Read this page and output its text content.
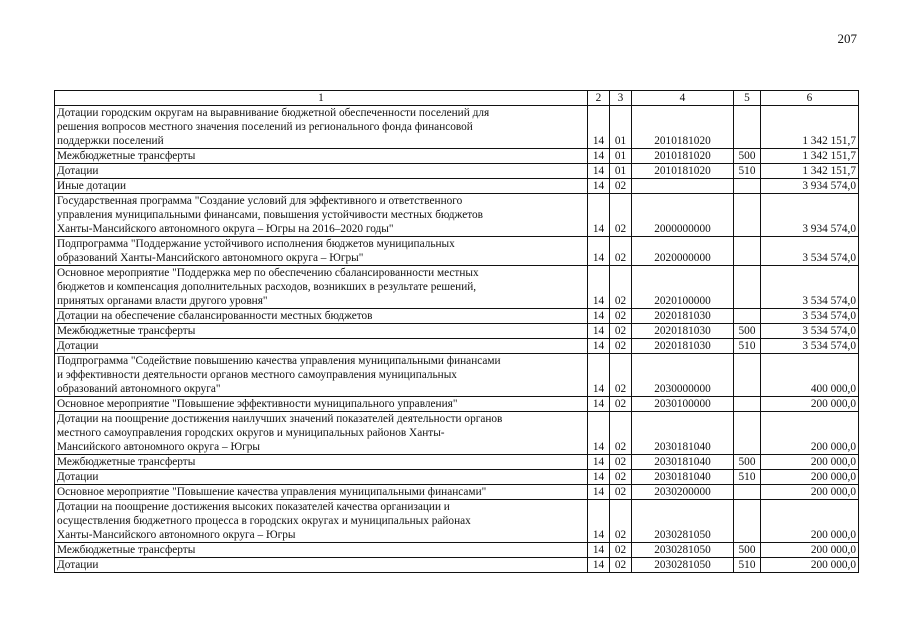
207
1	2	3	4	5	6
Дотации городским округам на выравнивание бюджетной обеспеченности поселений для
решения вопросов местного значения поселений из регионального фонда финансовой
поддержки поселений	14	01	2010181020		1 342 151,7
Межбюджетные трансферты	14	01	2010181020	500	1 342 151,7
Дотации	14	01	2010181020	510	1 342 151,7
Иные дотации	14	02			3 934 574,0
Государственная программа "Создание условий для эффективного и ответственного
управления муниципальными финансами, повышения устойчивости местных бюджетов
Ханты-Мансийского автономного округа – Югры на 2016–2020 годы"	14	02	2000000000		3 934 574,0
Подпрограмма "Поддержание устойчивого исполнения бюджетов муниципальных
образований Ханты-Мансийского автономного округа – Югры"	14	02	2020000000		3 534 574,0
Основное мероприятие "Поддержка мер по обеспечению сбалансированности местных
бюджетов и компенсация дополнительных расходов, возникших в результате решений,
принятых органами власти другого уровня"	14	02	2020100000		3 534 574,0
Дотации на обеспечение сбалансированности местных бюджетов	14	02	2020181030		3 534 574,0
Межбюджетные трансферты	14	02	2020181030	500	3 534 574,0
Дотации	14	02	2020181030	510	3 534 574,0
Подпрограмма "Содействие повышению качества управления муниципальными финансами
и эффективности деятельности органов местного самоуправления муниципальных
образований автономного округа"	14	02	2030000000		400 000,0
Основное мероприятие "Повышение эффективности муниципального управления"	14	02	2030100000		200 000,0
Дотации на поощрение достижения наилучших значений показателей деятельности органов
местного самоуправления городских округов и муниципальных районов Ханты-
Мансийского автономного округа – Югры	14	02	2030181040		200 000,0
Межбюджетные трансферты	14	02	2030181040	500	200 000,0
Дотации	14	02	2030181040	510	200 000,0
Основное мероприятие "Повышение качества управления муниципальными финансами"	14	02	2030200000		200 000,0
Дотации на поощрение достижения высоких показателей качества организации и
осуществления бюджетного процесса в городских округах и муниципальных районах
Ханты-Мансийского автономного округа – Югры	14	02	2030281050		200 000,0
Межбюджетные трансферты	14	02	2030281050	500	200 000,0
Дотации	14	02	2030281050	510	200 000,0
